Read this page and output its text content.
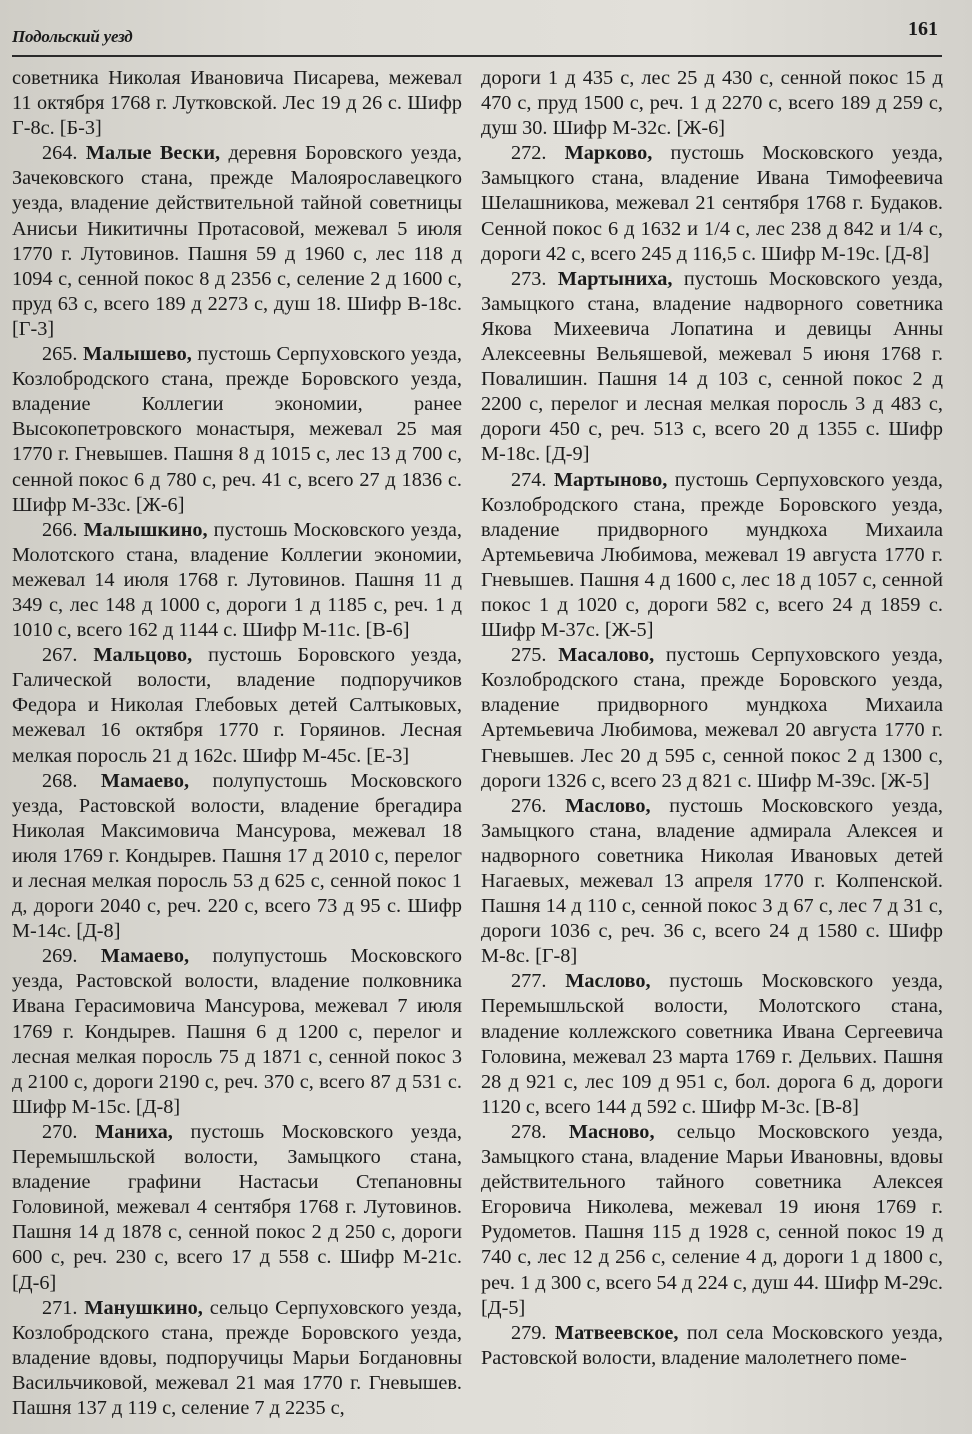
Подольский уезд	161

советника Николая Ивановича Писарева, межевал 11 октября 1768 г. Лутковской. Лес 19 д 26 с. Шифр Г-8с. [Б-3]

264. Малые Вески, деревня Боровского уезда, Зачековского стана, прежде Малоярославецкого уезда, владение действительной тайной советницы Анисьи Никитичны Протасовой, межевал 5 июля 1770 г. Лутовинов. Пашня 59 д 1960 с, лес 118 д 1094 с, сенной покос 8 д 2356 с, селение 2 д 1600 с, пруд 63 с, всего 189 д 2273 с, душ 18. Шифр В-18с. [Г-3]

265. Малышево, пустошь Серпуховского уезда, Козлобродского стана, прежде Боровского уезда, владение Коллегии экономии, ранее Высокопетровского монастыря, межевал 25 мая 1770 г. Гневышев. Пашня 8 д 1015 с, лес 13 д 700 с, сенной покос 6 д 780 с, реч. 41 с, всего 27 д 1836 с. Шифр М-33с. [Ж-6]

266. Малышкино, пустошь Московского уезда, Молотского стана, владение Коллегии экономии, межевал 14 июля 1768 г. Лутовинов. Пашня 11 д 349 с, лес 148 д 1000 с, дороги 1 д 1185 с, реч. 1 д 1010 с, всего 162 д 1144 с. Шифр М-11с. [В-6]

267. Мальцово, пустошь Боровского уезда, Галической волости, владение подпоручиков Федора и Николая Глебовых детей Салтыковых, межевал 16 октября 1770 г. Горяинов. Лесная мелкая поросль 21 д 162с. Шифр М-45с. [Е-3]

268. Мамаево, полупустошь Московского уезда, Растовской волости, владение брегадира Николая Максимовича Мансурова, межевал 18 июля 1769 г. Кондырев. Пашня 17 д 2010 с, перелог и лесная мелкая поросль 53 д 625 с, сенной покос 1 д, дороги 2040 с, реч. 220 с, всего 73 д 95 с. Шифр М-14с. [Д-8]

269. Мамаево, полупустошь Московского уезда, Растовской волости, владение полковника Ивана Герасимовича Мансурова, межевал 7 июля 1769 г. Кондырев. Пашня 6 д 1200 с, перелог и лесная мелкая поросль 75 д 1871 с, сенной покос 3 д 2100 с, дороги 2190 с, реч. 370 с, всего 87 д 531 с. Шифр М-15с. [Д-8]

270. Маниха, пустошь Московского уезда, Перемышльской волости, Замыцкого стана, владение графини Настасьи Степановны Головиной, межевал 4 сентября 1768 г. Лутовинов. Пашня 14 д 1878 с, сенной покос 2 д 250 с, дороги 600 с, реч. 230 с, всего 17 д 558 с. Шифр М-21с. [Д-6]

271. Манушкино, сельцо Серпуховского уезда, Козлобродского стана, прежде Боровского уезда, владение вдовы, подпоручицы Марьи Богдановны Васильчиковой, межевал 21 мая 1770 г. Гневышев. Пашня 137 д 119 с, селение 7 д 2235 с,

дороги 1 д 435 с, лес 25 д 430 с, сенной покос 15 д 470 с, пруд 1500 с, реч. 1 д 2270 с, всего 189 д 259 с, душ 30. Шифр М-32с. [Ж-6]

272. Марково, пустошь Московского уезда, Замыцкого стана, владение Ивана Тимофеевича Шелашникова, межевал 21 сентября 1768 г. Будаков. Сенной покос 6 д 1632 и 1/4 с, лес 238 д 842 и 1/4 с, дороги 42 с, всего 245 д 116,5 с. Шифр М-19с. [Д-8]

273. Мартыниха, пустошь Московского уезда, Замыцкого стана, владение надворного советника Якова Михеевича Лопатина и девицы Анны Алексеевны Вельяшевой, межевал 5 июня 1768 г. Повалишин. Пашня 14 д 103 с, сенной покос 2 д 2200 с, перелог и лесная мелкая поросль 3 д 483 с, дороги 450 с, реч. 513 с, всего 20 д 1355 с. Шифр М-18с. [Д-9]

274. Мартыново, пустошь Серпуховского уезда, Козлобродского стана, прежде Боровского уезда, владение придворного мундкоха Михаила Артемьевича Любимова, межевал 19 августа 1770 г. Гневышев. Пашня 4 д 1600 с, лес 18 д 1057 с, сенной покос 1 д 1020 с, дороги 582 с, всего 24 д 1859 с. Шифр М-37с. [Ж-5]

275. Масалово, пустошь Серпуховского уезда, Козлобродского стана, прежде Боровского уезда, владение придворного мундкоха Михаила Артемьевича Любимова, межевал 20 августа 1770 г. Гневышев. Лес 20 д 595 с, сенной покос 2 д 1300 с, дороги 1326 с, всего 23 д 821 с. Шифр М-39с. [Ж-5]

276. Маслово, пустошь Московского уезда, Замыцкого стана, владение адмирала Алексея и надворного советника Николая Ивановых детей Нагаевых, межевал 13 апреля 1770 г. Колпенской. Пашня 14 д 110 с, сенной покос 3 д 67 с, лес 7 д 31 с, дороги 1036 с, реч. 36 с, всего 24 д 1580 с. Шифр М-8с. [Г-8]

277. Маслово, пустошь Московского уезда, Перемышльской волости, Молотского стана, владение коллежского советника Ивана Сергеевича Головина, межевал 23 марта 1769 г. Дельвих. Пашня 28 д 921 с, лес 109 д 951 с, бол. дорога 6 д, дороги 1120 с, всего 144 д 592 с. Шифр М-3с. [В-8]

278. Масново, сельцо Московского уезда, Замыцкого стана, владение Марьи Ивановны, вдовы действительного тайного советника Алексея Егоровича Николева, межевал 19 июня 1769 г. Рудометов. Пашня 115 д 1928 с, сенной покос 19 д 740 с, лес 12 д 256 с, селение 4 д, дороги 1 д 1800 с, реч. 1 д 300 с, всего 54 д 224 с, душ 44. Шифр М-29с. [Д-5]

279. Матвеевское, пол села Московского уезда, Растовской волости, владение малолетнего поме-
